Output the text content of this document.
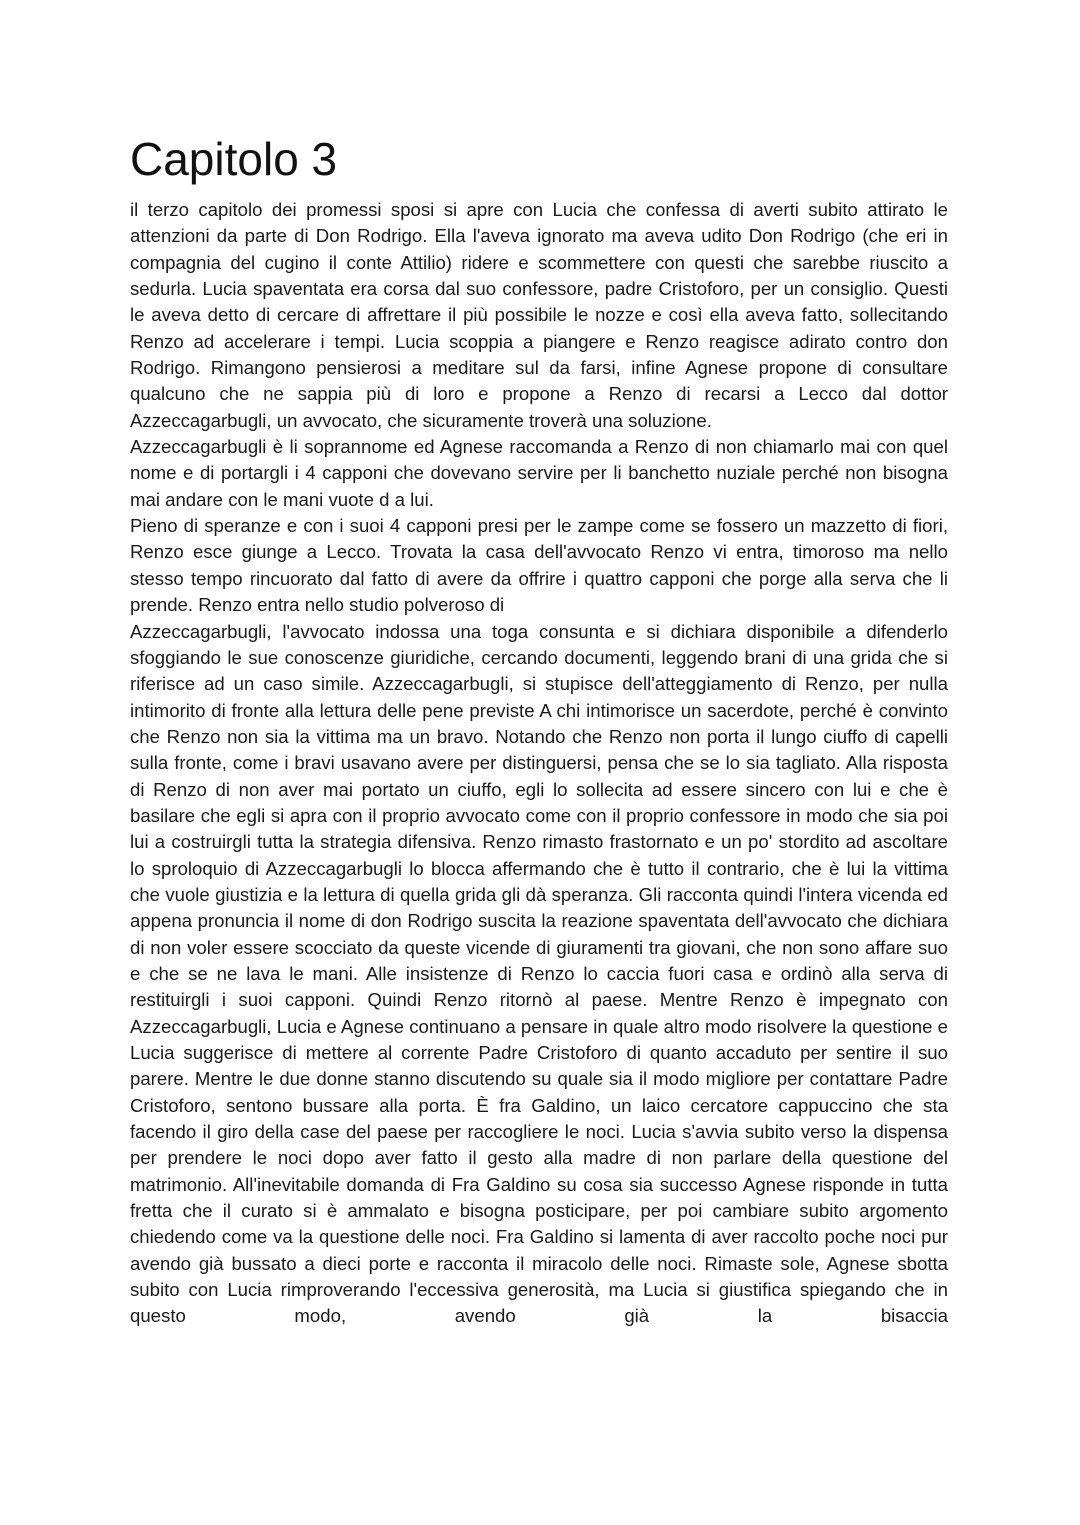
Capitolo 3

il terzo capitolo dei promessi sposi si apre con Lucia che confessa di averti subito attirato le attenzioni da parte di Don Rodrigo. Ella l'aveva ignorato ma aveva udito Don Rodrigo (che eri in compagnia del cugino il conte Attilio) ridere e scommettere con questi che sarebbe riuscito a sedurla. Lucia spaventata era corsa dal suo confessore, padre Cristoforo, per un consiglio. Questi le aveva detto di cercare di affrettare il più possibile le nozze e così ella aveva fatto, sollecitando Renzo ad accelerare i tempi. Lucia scoppia a piangere e Renzo reagisce adirato contro don Rodrigo. Rimangono pensierosi a meditare sul da farsi, infine Agnese propone di consultare qualcuno che ne sappia più di loro e propone a Renzo di recarsi a Lecco dal dottor Azzeccagarbugli, un avvocato, che sicuramente troverà una soluzione.

Azzeccagarbugli è li soprannome ed Agnese raccomanda a Renzo di non chiamarlo mai con quel nome e di portargli i 4 capponi che dovevano servire per li banchetto nuziale perché non bisogna mai andare con le mani vuote d a lui.

Pieno di speranze e con i suoi 4 capponi presi per le zampe come se fossero un mazzetto di fiori, Renzo esce giunge a Lecco. Trovata la casa dell'avvocato Renzo vi entra, timoroso ma nello stesso tempo rincuorato dal fatto di avere da offrire i quattro capponi che porge alla serva che li prende. Renzo entra nello studio polveroso di

Azzeccagarbugli, l'avvocato indossa una toga consunta e si dichiara disponibile a difenderlo sfoggiando le sue conoscenze giuridiche, cercando documenti, leggendo brani di una grida che si riferisce ad un caso simile. Azzeccagarbugli, si stupisce dell'atteggiamento di Renzo, per nulla intimorito di fronte alla lettura delle pene previste A chi intimorisce un sacerdote, perché è convinto che Renzo non sia la vittima ma un bravo. Notando che Renzo non porta il lungo ciuffo di capelli sulla fronte, come i bravi usavano avere per distinguersi, pensa che se lo sia tagliato. Alla risposta di Renzo di non aver mai portato un ciuffo, egli lo sollecita ad essere sincero con lui e che è basilare che egli si apra con il proprio avvocato come con il proprio confessore in modo che sia poi lui a costruirgli tutta la strategia difensiva. Renzo rimasto frastornato e un po' stordito ad ascoltare lo sproloquio di Azzeccagarbugli lo blocca affermando che è tutto il contrario, che è lui la vittima che vuole giustizia e la lettura di quella grida gli dà speranza. Gli racconta quindi l'intera vicenda ed appena pronuncia il nome di don Rodrigo suscita la reazione spaventata dell'avvocato che dichiara di non voler essere scocciato da queste vicende di giuramenti tra giovani, che non sono affare suo e che se ne lava le mani. Alle insistenze di Renzo lo caccia fuori casa e ordinò alla serva di restituirgli i suoi capponi. Quindi Renzo ritornò al paese. Mentre Renzo è impegnato con Azzeccagarbugli, Lucia e Agnese continuano a pensare in quale altro modo risolvere la questione e Lucia suggerisce di mettere al corrente Padre Cristoforo di quanto accaduto per sentire il suo parere. Mentre le due donne stanno discutendo su quale sia il modo migliore per contattare Padre Cristoforo, sentono bussare alla porta. È fra Galdino, un laico cercatore cappuccino che sta facendo il giro della case del paese per raccogliere le noci. Lucia s'avvia subito verso la dispensa per prendere le noci dopo aver fatto il gesto alla madre di non parlare della questione del matrimonio. All'inevitabile domanda di Fra Galdino su cosa sia successo Agnese risponde in tutta fretta che il curato si è ammalato e bisogna posticipare, per poi cambiare subito argomento chiedendo come va la questione delle noci. Fra Galdino si lamenta di aver raccolto poche noci pur avendo già bussato a dieci porte e racconta il miracolo delle noci. Rimaste sole, Agnese sbotta subito con Lucia rimproverando l'eccessiva generosità, ma Lucia si giustifica spiegando che in questo modo, avendo già la bisaccia
